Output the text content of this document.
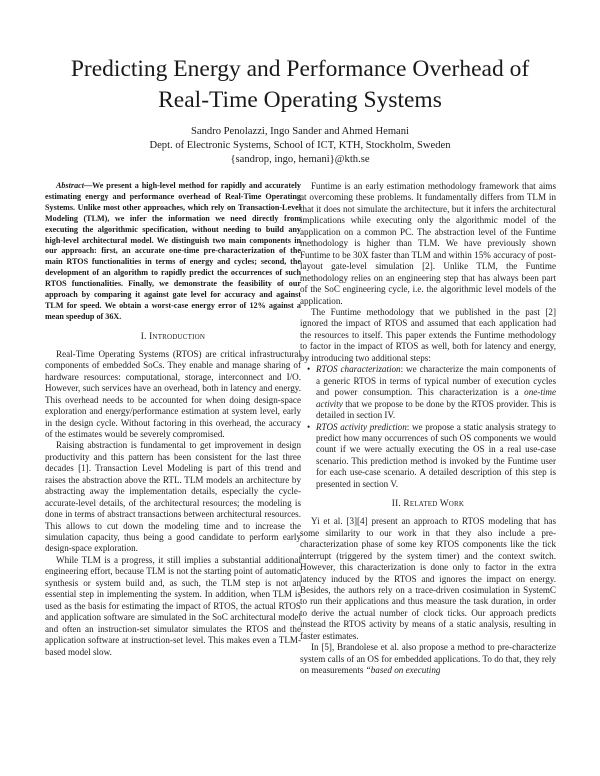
Predicting Energy and Performance Overhead of
Real-Time Operating Systems
Sandro Penolazzi, Ingo Sander and Ahmed Hemani
Dept. of Electronic Systems, School of ICT, KTH, Stockholm, Sweden
{sandrop, ingo, hemani}@kth.se

Abstract—We present a high-level method for rapidly and accurately estimating energy and performance overhead of Real-Time Operating Systems. Unlike most other approaches, which rely on Transaction-Level Modeling (TLM), we infer the information we need directly from executing the algorithmic specification, without needing to build any high-level architectural model. We distinguish two main components in our approach: first, an accurate one-time pre-characterization of the main RTOS functionalities in terms of energy and cycles; second, the development of an algorithm to rapidly predict the occurrences of such RTOS functionalities. Finally, we demonstrate the feasibility of our approach by comparing it against gate level for accuracy and against TLM for speed. We obtain a worst-case energy error of 12% against a mean speedup of 36X.

I. Introduction

Real-Time Operating Systems (RTOS) are critical infrastructural components of embedded SoCs. They enable and manage sharing of hardware resources: computational, storage, interconnect and I/O. However, such services have an overhead, both in latency and energy. This overhead needs to be accounted for when doing design-space exploration and energy/performance estimation at system level, early in the design cycle. Without factoring in this overhead, the accuracy of the estimates would be severely compromised.

Raising abstraction is fundamental to get improvement in design productivity and this pattern has been consistent for the last three decades [1]. Transaction Level Modeling is part of this trend and raises the abstraction above the RTL. TLM models an architecture by abstracting away the implementation details, especially the cycle-accurate-level details, of the architectural resources; the modeling is done in terms of abstract transactions between architectural resources. This allows to cut down the modeling time and to increase the simulation capacity, thus being a good candidate to perform early design-space exploration.

While TLM is a progress, it still implies a substantial additional engineering effort, because TLM is not the starting point of automatic synthesis or system build and, as such, the TLM step is not an essential step in implementing the system. In addition, when TLM is used as the basis for estimating the impact of RTOS, the actual RTOS and application software are simulated in the SoC architectural model and often an instruction-set simulator simulates the RTOS and the application software at instruction-set level. This makes even a TLM-based model slow.

Funtime is an early estimation methodology framework that aims at overcoming these problems. It fundamentally differs from TLM in that it does not simulate the architecture, but it infers the architectural implications while executing only the algorithmic model of the application on a common PC. The abstraction level of the Funtime methodology is higher than TLM. We have previously shown Funtime to be 30X faster than TLM and within 15% accuracy of post-layout gate-level simulation [2]. Unlike TLM, the Funtime methodology relies on an engineering step that has always been part of the SoC engineering cycle, i.e. the algorithmic level models of the application.

The Funtime methodology that we published in the past [2] ignored the impact of RTOS and assumed that each application had the resources to itself. This paper extends the Funtime methodology to factor in the impact of RTOS as well, both for latency and energy, by introducing two additional steps:

• RTOS characterization: we characterize the main components of a generic RTOS in terms of typical number of execution cycles and power consumption. This characterization is a one-time activity that we propose to be done by the RTOS provider. This is detailed in section IV.
• RTOS activity prediction: we propose a static analysis strategy to predict how many occurrences of such OS components we would count if we were actually executing the OS in a real use-case scenario. This prediction method is invoked by the Funtime user for each use-case scenario. A detailed description of this step is presented in section V.
II. Related Work

Yi et al. [3][4] present an approach to RTOS modeling that has some similarity to our work in that they also include a pre-characterization phase of some key RTOS components like the tick interrupt (triggered by the system timer) and the context switch. However, this characterization is done only to factor in the extra latency induced by the RTOS and ignores the impact on energy. Besides, the authors rely on a trace-driven cosimulation in SystemC to run their applications and thus measure the task duration, in order to derive the actual number of clock ticks. Our approach predicts instead the RTOS activity by means of a static analysis, resulting in faster estimates.

In [5], Brandolese et al. also propose a method to pre-characterize system calls of an OS for embedded applications. To do that, they rely on measurements “based on executing
